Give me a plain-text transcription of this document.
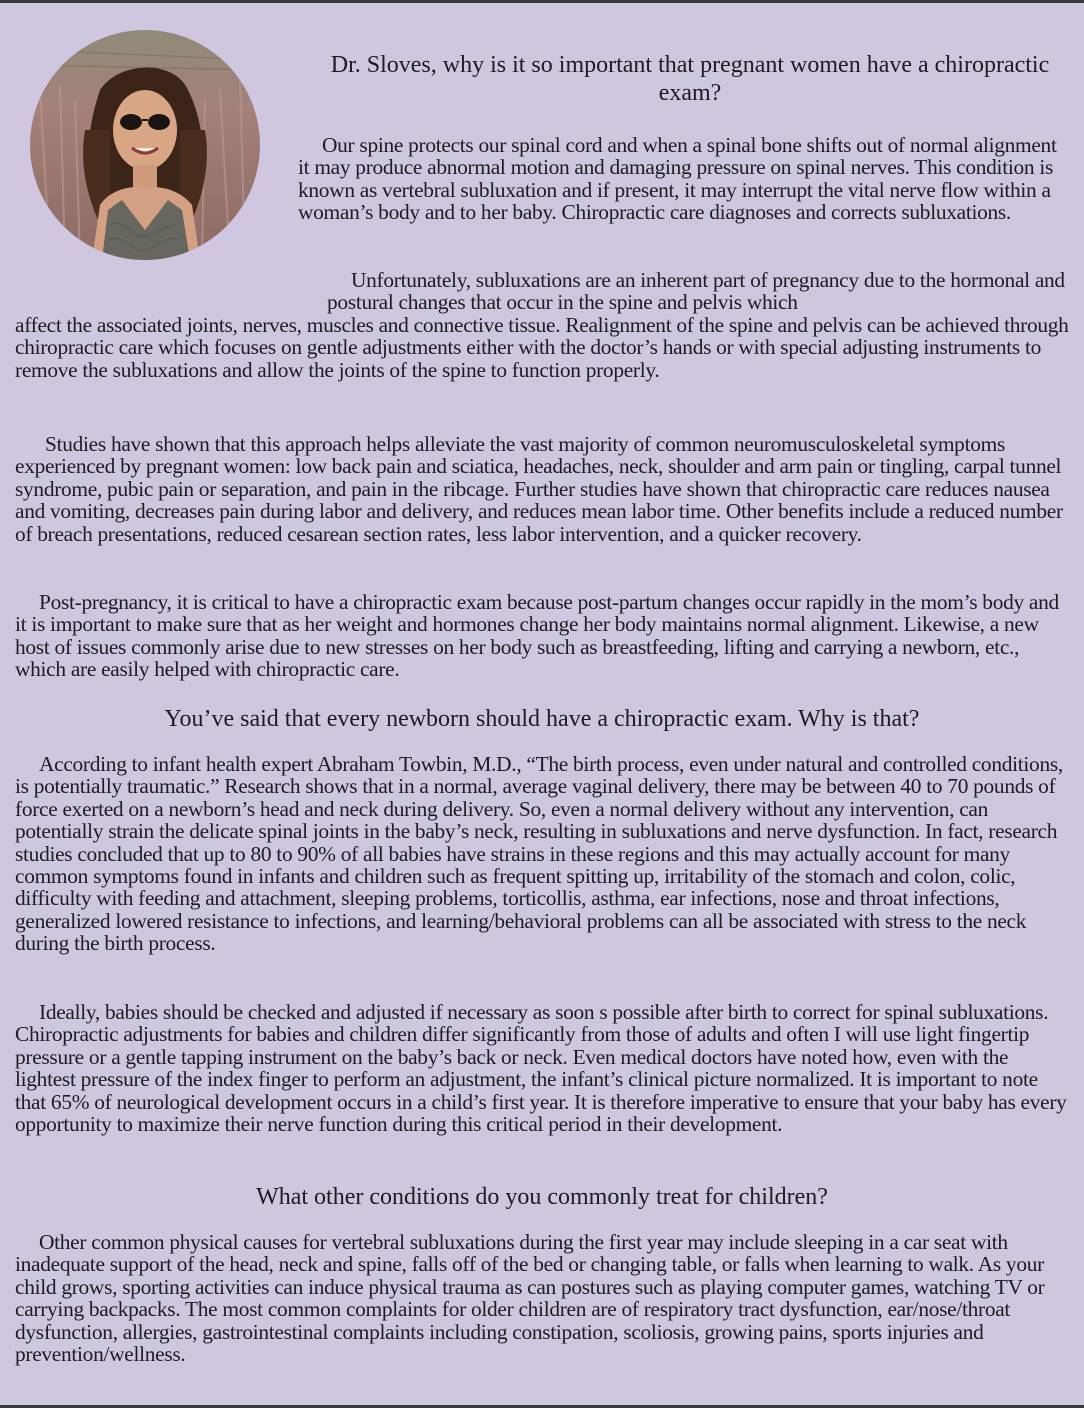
Dr. Sloves, why is it so important that pregnant women have a chiropractic exam?

Our spine protects our spinal cord and when a spinal bone shifts out of normal alignment it may produce abnormal motion and damaging pressure on spinal nerves. This condition is known as vertebral subluxation and if present, it may interrupt the vital nerve flow within a woman’s body and to her baby. Chiropractic care diagnoses and corrects subluxations.

Unfortunately, subluxations are an inherent part of pregnancy due to the hormonal and postural changes that occur in the spine and pelvis which
affect the associated joints, nerves, muscles and connective tissue. Realignment of the spine and pelvis can be achieved through chiropractic care which focuses on gentle adjustments either with the doctor’s hands or with special adjusting instruments to remove the subluxations and allow the joints of the spine to function properly.

Studies have shown that this approach helps alleviate the vast majority of common neuromusculoskeletal symptoms experienced by pregnant women: low back pain and sciatica, headaches, neck, shoulder and arm pain or tingling, carpal tunnel syndrome, pubic pain or separation, and pain in the ribcage. Further studies have shown that chiropractic care reduces nausea and vomiting, decreases pain during labor and delivery, and reduces mean labor time. Other benefits include a reduced number of breach presentations, reduced cesarean section rates, less labor intervention, and a quicker recovery.

Post-pregnancy, it is critical to have a chiropractic exam because post-partum changes occur rapidly in the mom’s body and it is important to make sure that as her weight and hormones change her body maintains normal alignment. Likewise, a new host of issues commonly arise due to new stresses on her body such as breastfeeding, lifting and carrying a newborn, etc., which are easily helped with chiropractic care.

You’ve said that every newborn should have a chiropractic exam. Why is that?

According to infant health expert Abraham Towbin, M.D., “The birth process, even under natural and controlled conditions, is potentially traumatic.” Research shows that in a normal, average vaginal delivery, there may be between 40 to 70 pounds of force exerted on a newborn’s head and neck during delivery. So, even a normal delivery without any intervention, can potentially strain the delicate spinal joints in the baby’s neck, resulting in subluxations and nerve dysfunction. In fact, research studies concluded that up to 80 to 90% of all babies have strains in these regions and this may actually account for many common symptoms found in infants and children such as frequent spitting up, irritability of the stomach and colon, colic, difficulty with feeding and attachment, sleeping problems, torticollis, asthma, ear infections, nose and throat infections, generalized lowered resistance to infections, and learning/behavioral problems can all be associated with stress to the neck during the birth process.

Ideally, babies should be checked and adjusted if necessary as soon s possible after birth to correct for spinal subluxations. Chiropractic adjustments for babies and children differ significantly from those of adults and often I will use light fingertip pressure or a gentle tapping instrument on the baby’s back or neck. Even medical doctors have noted how, even with the lightest pressure of the index finger to perform an adjustment, the infant’s clinical picture normalized. It is important to note that 65% of neurological development occurs in a child’s first year. It is therefore imperative to ensure that your baby has every opportunity to maximize their nerve function during this critical period in their development.

What other conditions do you commonly treat for children?

Other common physical causes for vertebral subluxations during the first year may include sleeping in a car seat with inadequate support of the head, neck and spine, falls off of the bed or changing table, or falls when learning to walk. As your child grows, sporting activities can induce physical trauma as can postures such as playing computer games, watching TV or carrying backpacks. The most common complaints for older children are of respiratory tract dysfunction, ear/nose/throat dysfunction, allergies, gastrointestinal complaints including constipation, scoliosis, growing pains, sports injuries and prevention/wellness.
